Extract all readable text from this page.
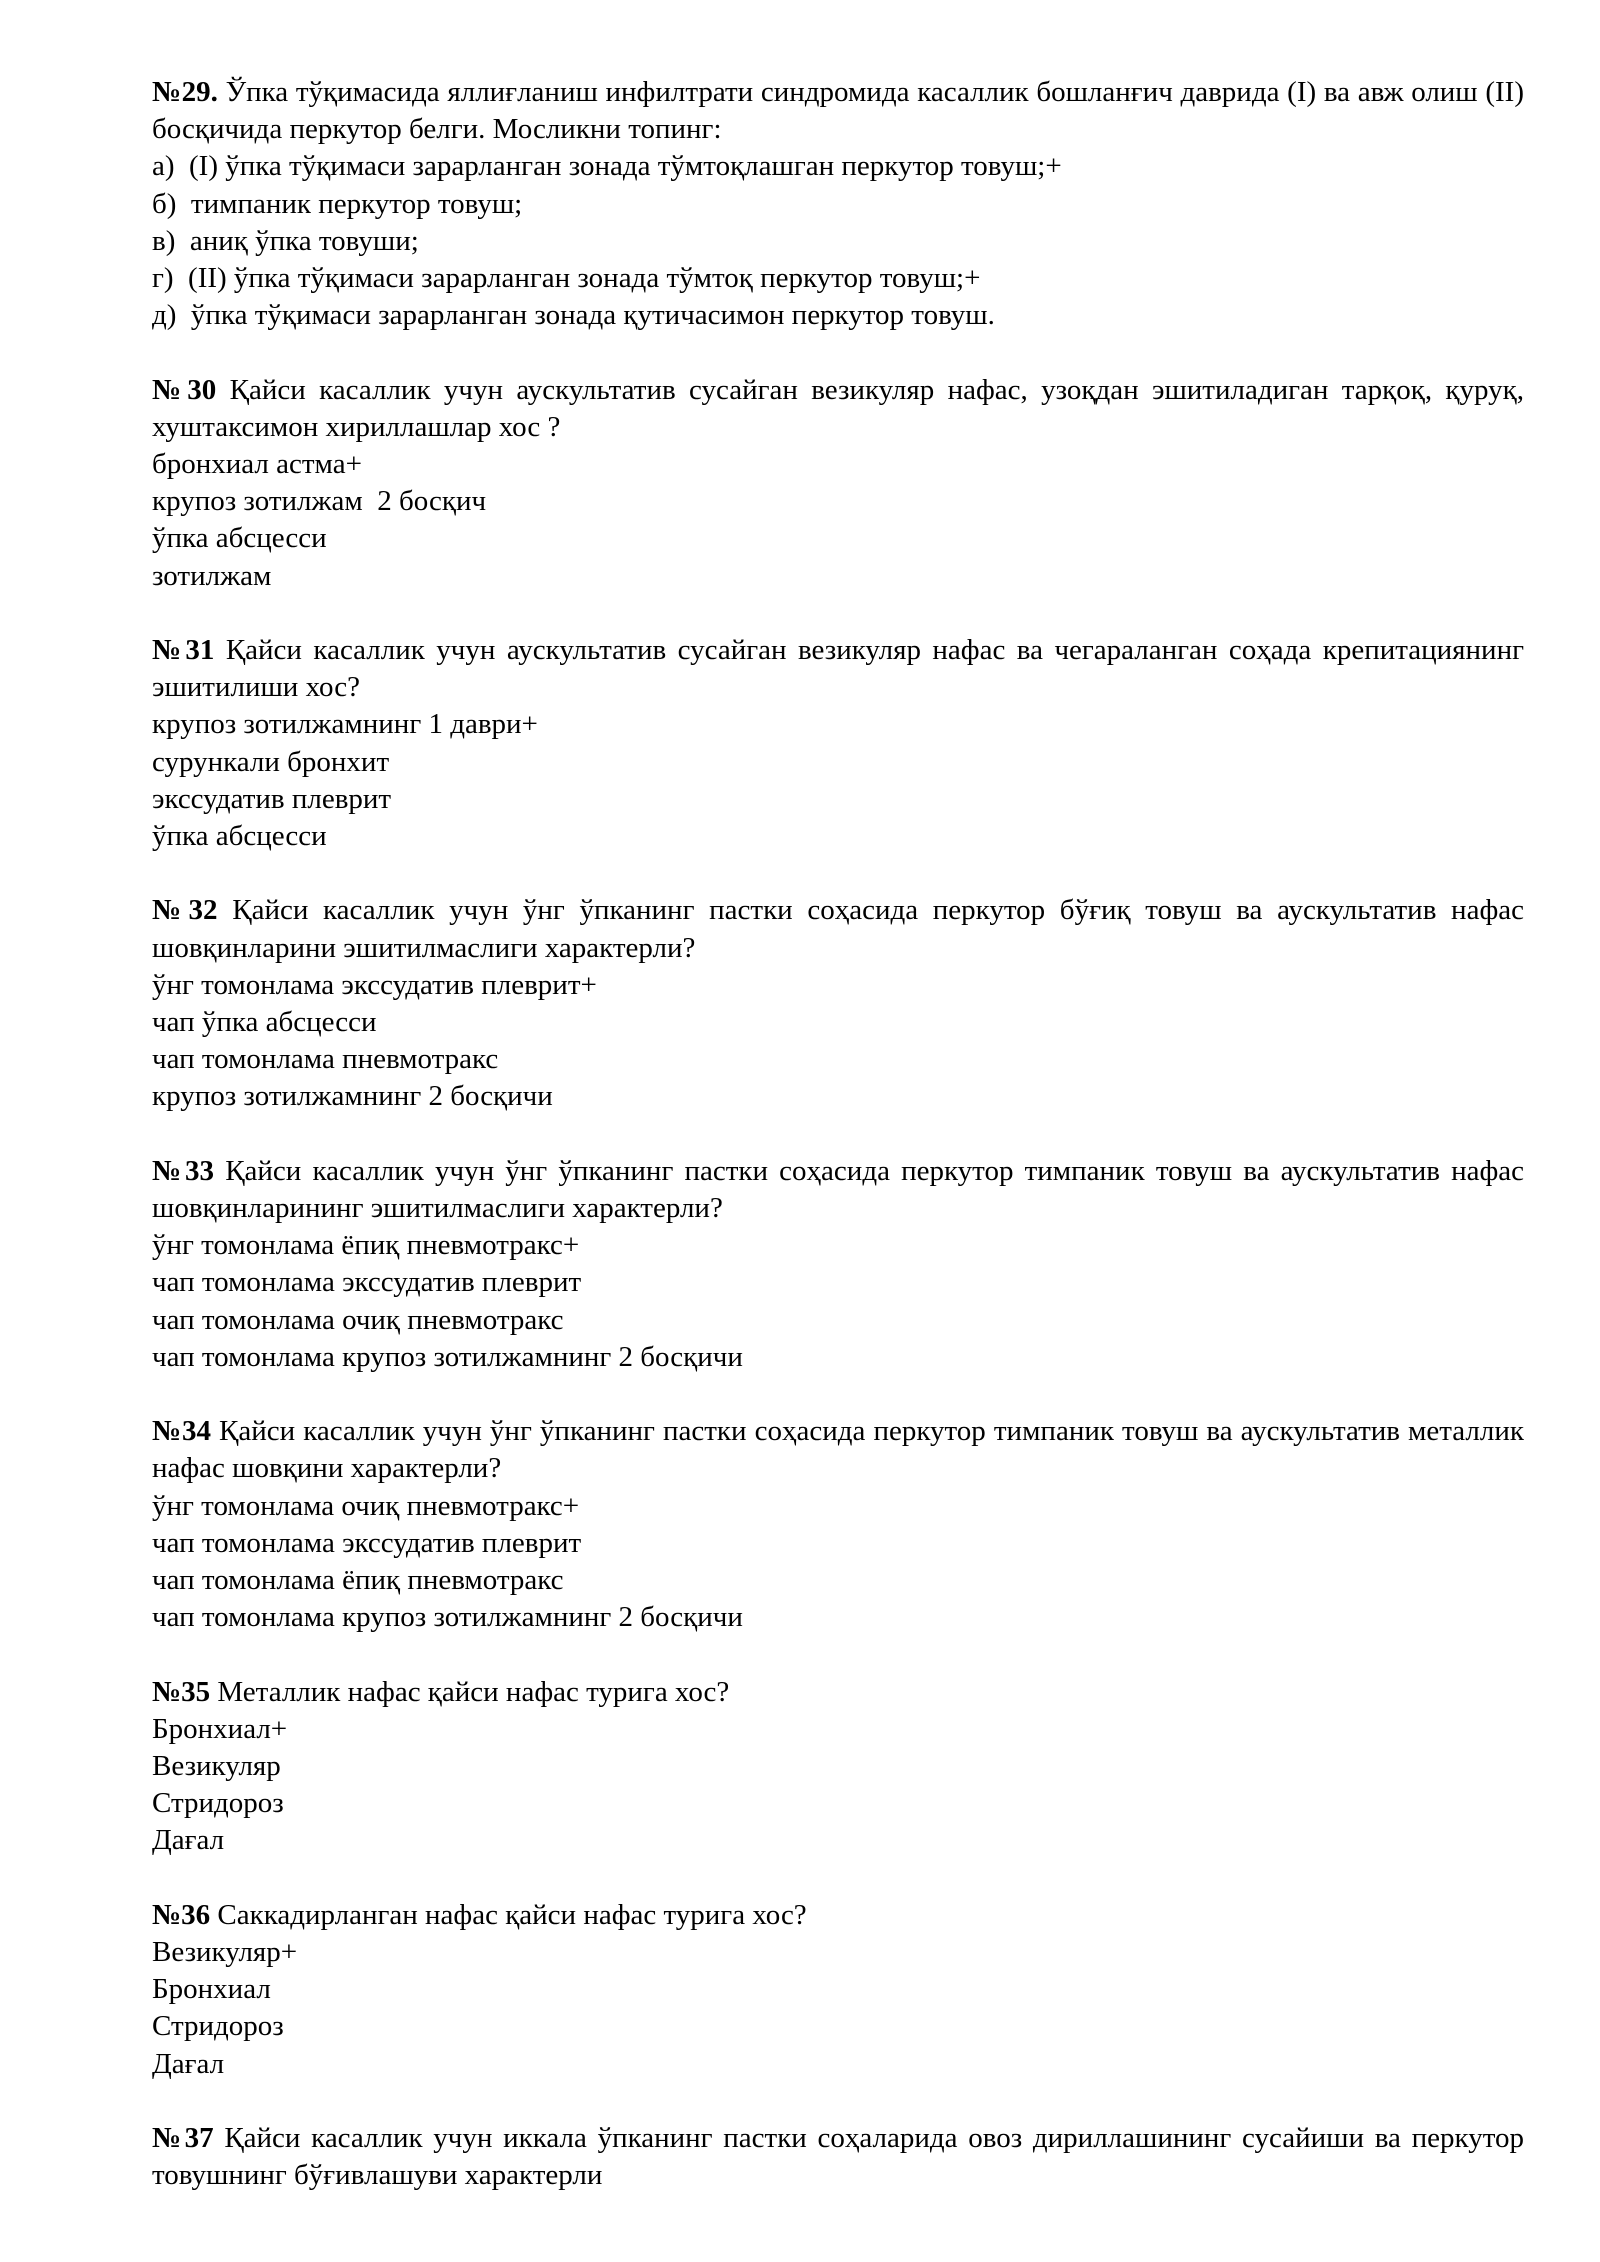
№29. Ўпка тўқимасида яллиғланиш инфилтрати синдромида касаллик бошланғич даврида (I) ва авж олиш (II) босқичида перкутор белги. Мосликни топинг:

а)  (I) ўпка тўқимаси зарарланган зонада тўмтоқлашган перкутор товуш;+

б)  тимпаник перкутор товуш;

в)  аниқ ўпка товуши;

г)  (II) ўпка тўқимаси зарарланган зонада тўмтоқ перкутор товуш;+

д)  ўпка тўқимаси зарарланган зонада қутичасимон перкутор товуш.

№30 Қайси касаллик учун аускультатив сусайган везикуляр нафас, узоқдан эшитиладиган тарқоқ, қуруқ, хуштаксимон хириллашлар хос ?

бронхиал астма+

крупоз зотилжам  2 босқич

ўпка абсцесси

зотилжам

№31 Қайси касаллик учун аускультатив сусайган везикуляр нафас ва чегараланган соҳада крепитациянинг эшитилиши хос?

крупоз зотилжамнинг 1 даври+

сурункали бронхит

экссудатив плеврит

ўпка абсцесси

№32 Қайси касаллик учун ўнг ўпканинг пастки соҳасида перкутор бўғиқ товуш ва аускультатив нафас шовқинларини эшитилмаслиги характерли?

ўнг томонлама экссудатив плеврит+

чап ўпка абсцесси

чап томонлама пневмотракс

крупоз зотилжамнинг 2 босқичи

№33 Қайси касаллик учун ўнг ўпканинг пастки соҳасида перкутор тимпаник товуш ва аускультатив нафас шовқинларининг эшитилмаслиги характерли?

ўнг томонлама ёпиқ пневмотракс+

чап томонлама экссудатив плеврит

чап томонлама очиқ пневмотракс

чап томонлама крупоз зотилжамнинг 2 босқичи

№34 Қайси касаллик учун ўнг ўпканинг пастки соҳасида перкутор тимпаник товуш ва аускультатив металлик нафас шовқини характерли?

ўнг томонлама очиқ пневмотракс+

чап томонлама экссудатив плеврит

чап томонлама ёпиқ пневмотракс

чап томонлама крупоз зотилжамнинг 2 босқичи

№35 Металлик нафас қайси нафас турига хос?

Бронхиал+

Везикуляр

Стридороз

Дағал

№36 Саккадирланган нафас қайси нафас турига хос?

Везикуляр+

Бронхиал

Стридороз

Дағал

№37 Қайси касаллик учун иккала ўпканинг пастки соҳаларида овоз дириллашининг сусайиши ва перкутор товушнинг бўғивлашуви характерли
